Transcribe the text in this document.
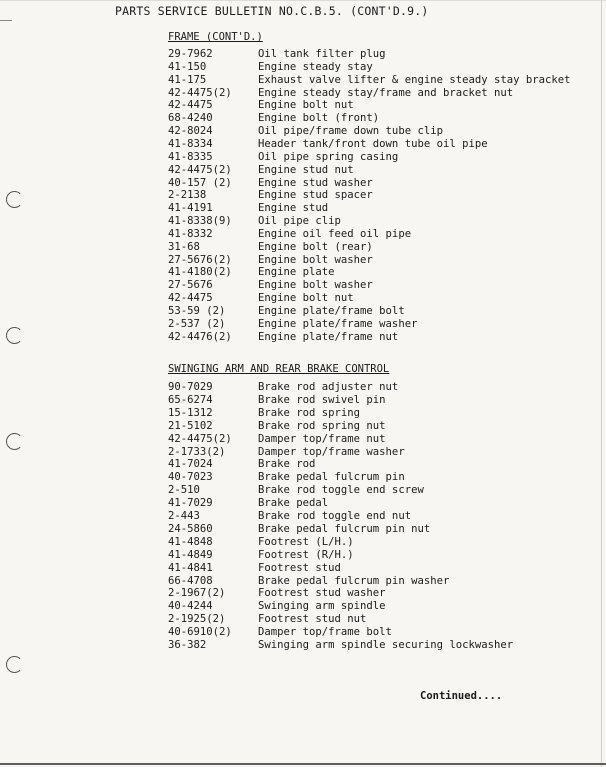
PARTS SERVICE BULLETIN NO.C.B.5. (CONT'D.9.)
FRAME (CONT'D.)
SWINGING ARM AND REAR BRAKE CONTROL
29-7962	Oil tank filter plug
41-150	Engine steady stay
41-175	Exhaust valve lifter & engine steady stay bracket
42-4475(2) Engine steady stay/frame and bracket nut
42-4475	Engine bolt nut
68-4240	Engine bolt (front)
42-8024	Oil pipe/frame down tube clip
41-8334	Header tank/front down tube oil pipe
41-8335	Oil pipe spring casing
42-4475(2) Engine stud nut
40-157 (2) Engine stud washer
2-2138	Engine stud spacer
41-4191	Engine stud
41-8338(9) Oil pipe clip
41-8332	Engine oil feed oil pipe
31-68	Engine bolt (rear)
27-5676(2) Engine bolt washer
41-4180(2) Engine plate
27-5676	Engine bolt washer
42-4475	Engine bolt nut
53-59 (2)	Engine plate/frame bolt
2-537 (2)	Engine plate/frame washer
42-4476(2) Engine plate/frame nut
90-7029	Brake rod adjuster nut
65-6274	Brake rod swivel pin
15-1312	Brake rod spring
21-5102	Brake rod spring nut
42-4475(2) Damper top/frame nut
2-1733(2)	Damper top/frame washer
41-7024	Brake rod
40-7023	Brake pedal fulcrum pin
2-510	Brake rod toggle end screw
41-7029	Brake pedal
2-443	Brake rod toggle end nut
24-5860	Brake pedal fulcrum pin nut
41-4848	Footrest (L/H.)
41-4849	Footrest (R/H.)
41-4841	Footrest stud
66-4708	Brake pedal fulcrum pin washer
2-1967(2)	Footrest stud washer
40-4244	Swinging arm spindle
2-1925(2)	Footrest stud nut
40-6910(2) Damper top/frame bolt
36-382	Swinging arm spindle securing lockwasher
Continued....
